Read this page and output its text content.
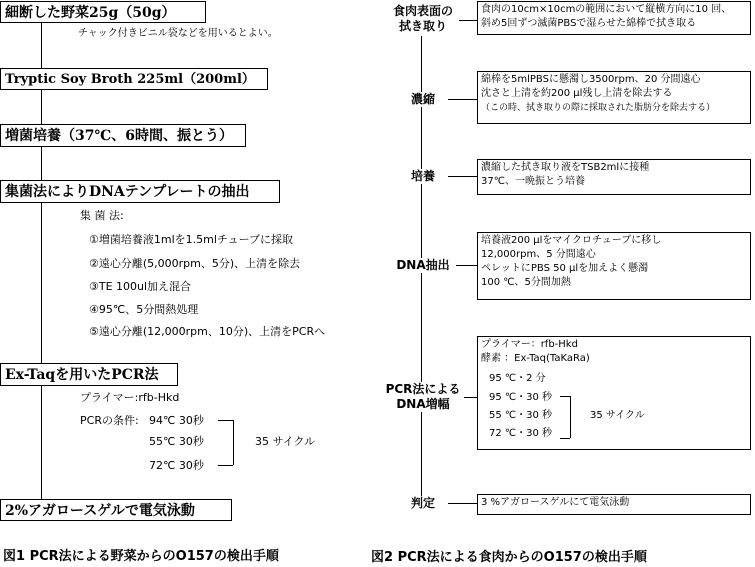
細断した野菜25g（50g）
チャック付きビニル袋などを用いるとよい。
Tryptic Soy Broth 225ml（200ml）
増菌培養（37℃、6時間、振とう）
集菌法によりDNAテンプレートの抽出
集 菌 法:
①増菌培養液1mlを1.5mlチューブに採取
②遠心分離(5,000rpm、5分)、上清を除去
③TE 100ul加え混合
④95℃、5分間熱処理
⑤遠心分離(12,000rpm、10分)、上清をPCRへ
Ex-Taqを用いたPCR法
プライマー:rfb-Hkd
PCRの条件: 94℃ 30秒
55℃ 30秒
72℃ 30秒
35 サイクル
2%アガロースゲルで電気泳動
図1 PCR法による野菜からのO157の検出手順
食肉表面の
拭き取り
濃縮
培養
DNA抽出
PCR法による
DNA増幅
判定
食肉の10cm×10cmの範囲において縦横方向に10 回、
斜め5回ずつ滅菌PBSで湿らせた綿棒で拭き取る
綿棒を5mlPBSに懸濁し3500rpm、20 分間遠心
沈さと上清を約200 μl残し上清を除去する
（この時、拭き取りの際に採取された脂肪分を除去する）
濃縮した拭き取り液をTSB2mlに接種
37℃、一晩振とう培養
培養液200 μlをマイクロチューブに移し
12,000rpm、5 分間遠心
ペレットにPBS 50 μlを加えよく懸濁
100 ℃、5分間加熱
プライマー：rfb-Hkd
酵素 ：Ex-Taq(TaKaRa)
95 ℃・2 分
95 ℃・30 秒
55 ℃・30 秒
72 ℃・30 秒
35 サイクル
3 %アガロースゲルにて電気泳動
図2 PCR法による食肉からのO157の検出手順
